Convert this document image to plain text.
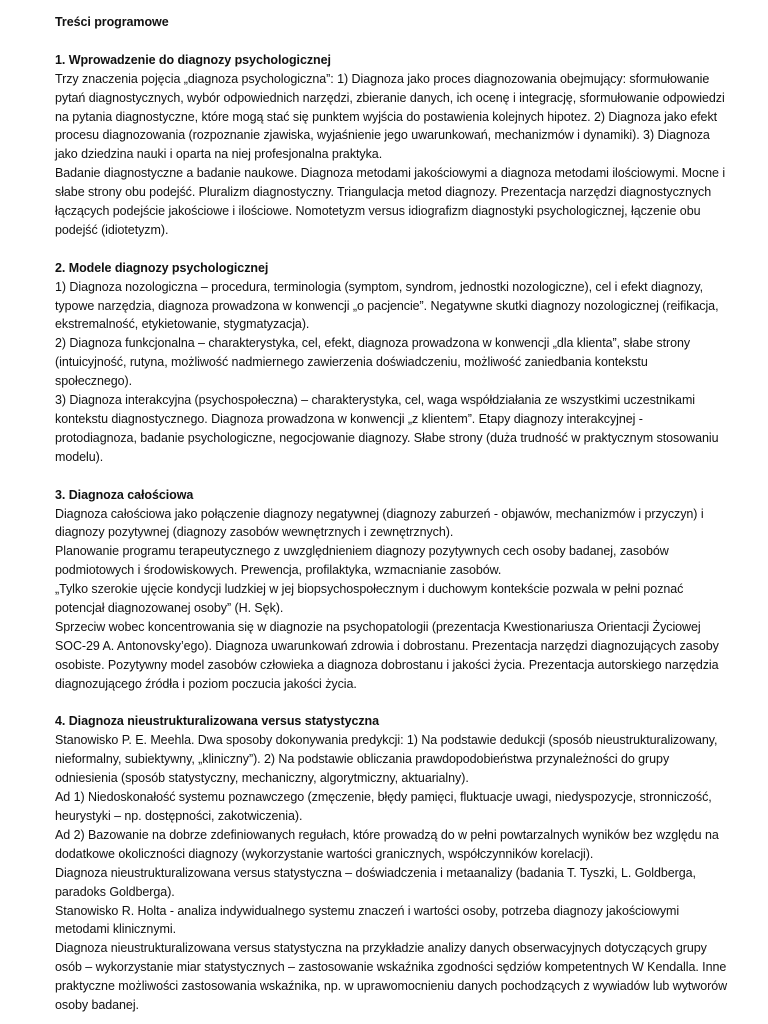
Treści programowe

1. Wprowadzenie do diagnozy psychologicznej

Trzy znaczenia pojęcia „diagnoza psychologiczna”: 1) Diagnoza jako proces diagnozowania obejmujący: sformułowanie pytań diagnostycznych, wybór odpowiednich narzędzi, zbieranie danych, ich ocenę i integrację, sformułowanie odpowiedzi na pytania diagnostyczne, które mogą stać się punktem wyjścia do postawienia kolejnych hipotez. 2) Diagnoza jako efekt procesu diagnozowania (rozpoznanie zjawiska, wyjaśnienie jego uwarunkowań, mechanizmów i dynamiki). 3) Diagnoza jako dziedzina nauki i oparta na niej profesjonalna praktyka.

Badanie diagnostyczne a badanie naukowe. Diagnoza metodami jakościowymi a diagnoza metodami ilościowymi. Mocne i słabe strony obu podejść. Pluralizm diagnostyczny. Triangulacja metod diagnozy. Prezentacja narzędzi diagnostycznych łączących podejście jakościowe i ilościowe. Nomotetyzm versus idiografizm diagnostyki psychologicznej, łączenie obu podejść (idiotetyzm).

2. Modele diagnozy psychologicznej

1) Diagnoza nozologiczna – procedura, terminologia (symptom, syndrom, jednostki nozologiczne), cel i efekt diagnozy, typowe narzędzia, diagnoza prowadzona w konwencji „o pacjencie”. Negatywne skutki diagnozy nozologicznej (reifikacja, ekstremalność, etykietowanie, stygmatyzacja).

2) Diagnoza funkcjonalna – charakterystyka, cel, efekt, diagnoza prowadzona w konwencji „dla klienta”, słabe strony (intuicyjność, rutyna, możliwość nadmiernego zawierzenia doświadczeniu, możliwość zaniedbania kontekstu społecznego).

3) Diagnoza interakcyjna (psychospołeczna) – charakterystyka, cel, waga współdziałania ze wszystkimi uczestnikami kontekstu diagnostycznego. Diagnoza prowadzona w konwencji „z klientem”. Etapy diagnozy interakcyjnej - protodiagnoza, badanie psychologiczne, negocjowanie diagnozy. Słabe strony (duża trudność w praktycznym stosowaniu modelu).

3. Diagnoza całościowa

Diagnoza całościowa jako połączenie diagnozy negatywnej (diagnozy zaburzeń - objawów, mechanizmów i przyczyn) i diagnozy pozytywnej (diagnozy zasobów wewnętrznych i zewnętrznych).

Planowanie programu terapeutycznego z uwzględnieniem diagnozy pozytywnych cech osoby badanej, zasobów podmiotowych i środowiskowych. Prewencja, profilaktyka, wzmacnianie zasobów.

„Tylko szerokie ujęcie kondycji ludzkiej w jej biopsychospołecznym i duchowym kontekście pozwala w pełni poznać potencjał diagnozowanej osoby” (H. Sęk).

Sprzeciw wobec koncentrowania się w diagnozie na psychopatologii (prezentacja Kwestionariusza Orientacji Życiowej SOC-29 A. Antonovsky’ego). Diagnoza uwarunkowań zdrowia i dobrostanu. Prezentacja narzędzi diagnozujących zasoby osobiste. Pozytywny model zasobów człowieka a diagnoza dobrostanu i jakości życia. Prezentacja autorskiego narzędzia diagnozującego źródła i poziom poczucia jakości życia.

4. Diagnoza nieustrukturalizowana versus statystyczna

Stanowisko P. E. Meehla. Dwa sposoby dokonywania predykcji: 1) Na podstawie dedukcji (sposób nieustrukturalizowany, nieformalny, subiektywny, „kliniczny”). 2) Na podstawie obliczania prawdopodobieństwa przynależności do grupy odniesienia (sposób statystyczny, mechaniczny, algorytmiczny, aktuarialny).

Ad 1) Niedoskonałość systemu poznawczego (zmęczenie, błędy pamięci, fluktuacje uwagi, niedyspozycje, stronniczość, heurystyki – np. dostępności, zakotwiczenia).

Ad 2) Bazowanie na dobrze zdefiniowanych regułach, które prowadzą do w pełni powtarzalnych wyników bez względu na dodatkowe okoliczności diagnozy (wykorzystanie wartości granicznych, współczynników korelacji).

Diagnoza nieustrukturalizowana versus statystyczna – doświadczenia i metaanalizy (badania T. Tyszki, L. Goldberga, paradoks Goldberga).

Stanowisko R. Holta - analiza indywidualnego systemu znaczeń i wartości osoby, potrzeba diagnozy jakościowymi metodami klinicznymi.

Diagnoza nieustrukturalizowana versus statystyczna na przykładzie analizy danych obserwacyjnych dotyczących grupy osób – wykorzystanie miar statystycznych – zastosowanie wskaźnika zgodności sędziów kompetentnych W Kendalla. Inne praktyczne możliwości zastosowania wskaźnika, np. w uprawomocnieniu danych pochodzących z wywiadów lub wytworów osoby badanej.
